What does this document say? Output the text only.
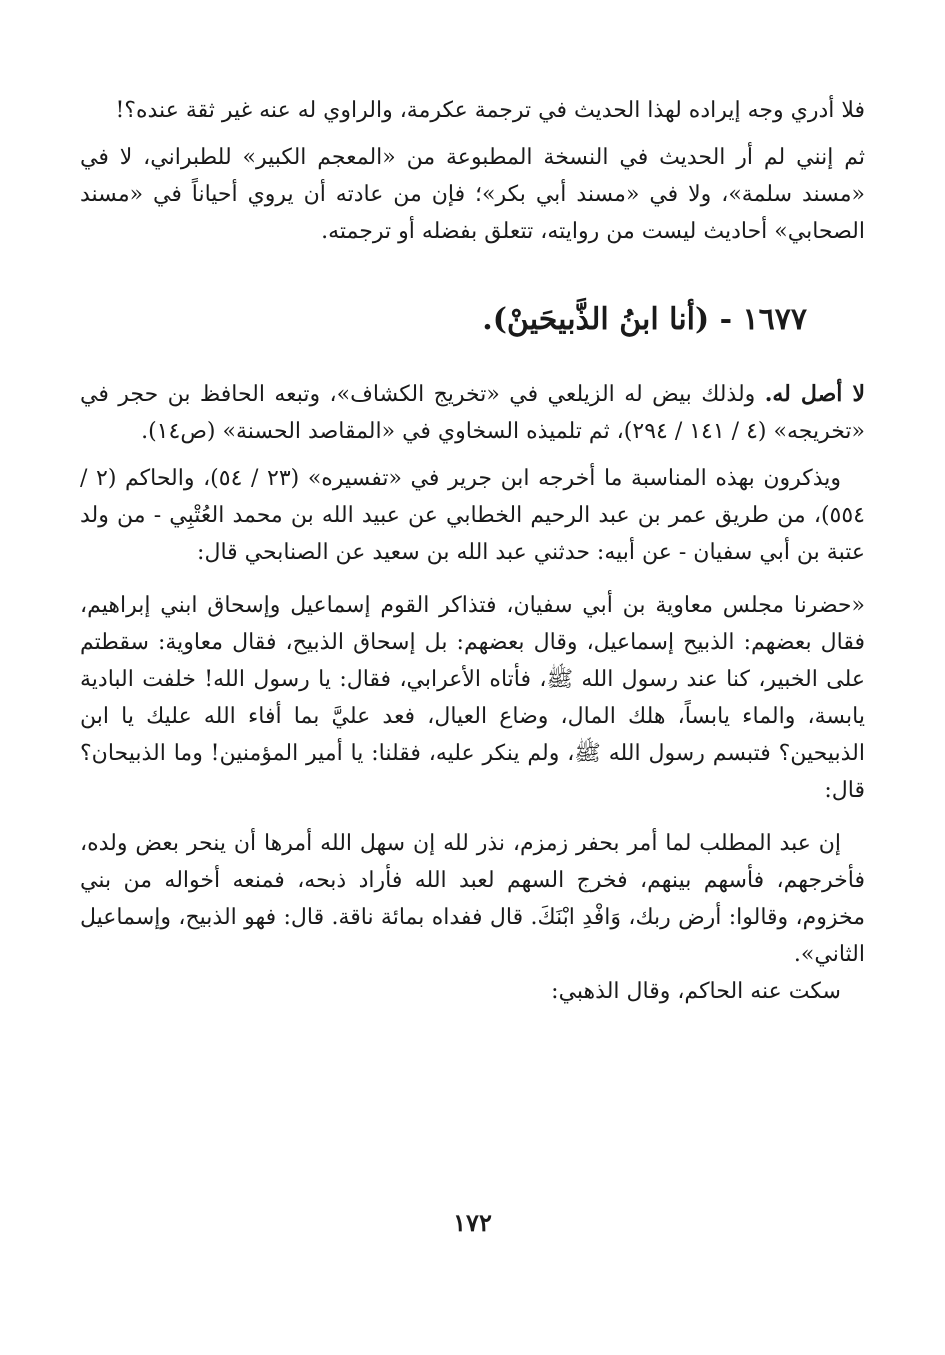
فلا أدري وجه إيراده لهذا الحديث في ترجمة عكرمة، والراوي له عنه غير ثقة عنده؟!

ثم إنني لم أر الحديث في النسخة المطبوعة من «المعجم الكبير» للطبراني، لا في «مسند سلمة»، ولا في «مسند أبي بكر»؛ فإن من عادته أن يروي أحياناً في «مسند الصحابي» أحاديث ليست من روايته، تتعلق بفضله أو ترجمته.

١٦٧٧ - (أنا ابنُ الذَّبيحَينْ).

لا أصل له. ولذلك بيض له الزيلعي في «تخريج الكشاف»، وتبعه الحافظ بن حجر في «تخريجه» (٤ / ١٤١ / ٢٩٤)، ثم تلميذه السخاوي في «المقاصد الحسنة» (ص١٤).

ويذكرون بهذه المناسبة ما أخرجه ابن جرير في «تفسيره» (٢٣ / ٥٤)، والحاكم (٢ / ٥٥٤)، من طريق عمر بن عبد الرحيم الخطابي عن عبيد الله بن محمد العُتْبِي - من ولد عتبة بن أبي سفيان - عن أبيه: حدثني عبد الله بن سعيد عن الصنابحي قال:

«حضرنا مجلس معاوية بن أبي سفيان، فتذاكر القوم إسماعيل وإسحاق ابني إبراهيم، فقال بعضهم: الذبيح إسماعيل، وقال بعضهم: بل إسحاق الذبيح، فقال معاوية: سقطتم على الخبير، كنا عند رسول الله ﷺ، فأتاه الأعرابي، فقال: يا رسول الله! خلفت البادية يابسة، والماء يابساً، هلك المال، وضاع العيال، فعد عليَّ بما أفاء الله عليك يا ابن الذبيحين؟ فتبسم رسول الله ﷺ، ولم ينكر عليه، فقلنا: يا أمير المؤمنين! وما الذبيحان؟ قال:

إن عبد المطلب لما أمر بحفر زمزم، نذر لله إن سهل الله أمرها أن ينحر بعض ولده، فأخرجهم، فأسهم بينهم، فخرج السهم لعبد الله فأراد ذبحه، فمنعه أخواله من بني مخزوم، وقالوا: أرض ربك، وَافْدِ ابْنَكَ. قال ففداه بمائة ناقة. قال: فهو الذبيح، وإسماعيل الثاني».

سكت عنه الحاكم، وقال الذهبي:

١٧٢
